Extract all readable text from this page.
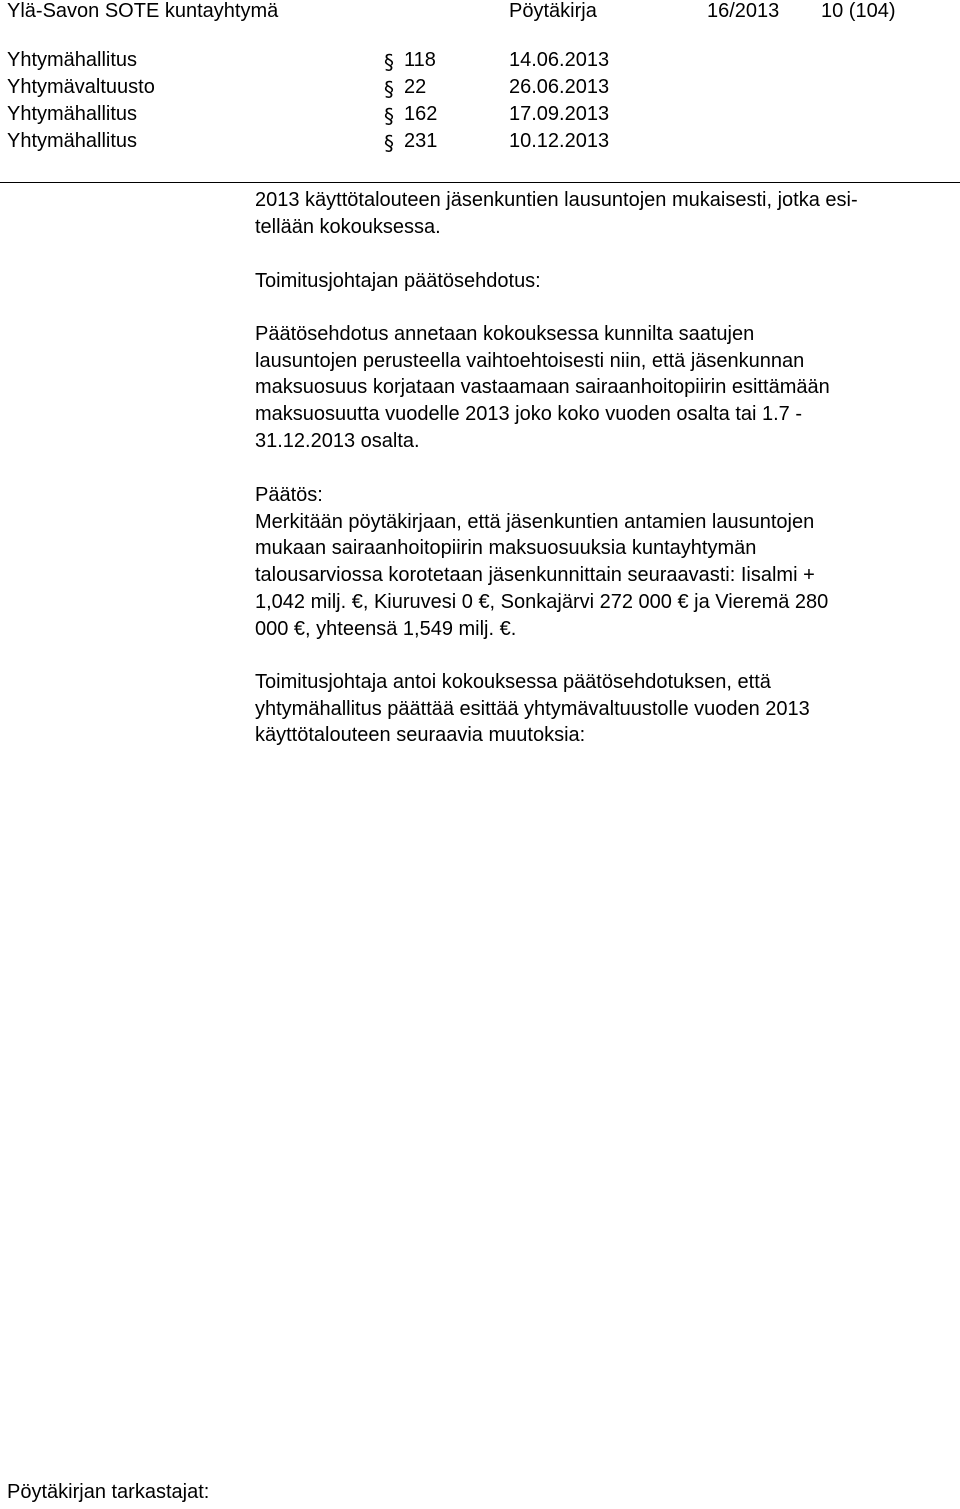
Ylä-Savon SOTE kuntayhtymä	Pöytäkirja	16/2013 10 (104)
Yhtymähallitus	§ 118	14.06.2013
Yhtymävaltuusto	§ 22	26.06.2013
Yhtymähallitus	§ 162	17.09.2013
Yhtymähallitus	§ 231	10.12.2013
2013 käyttötalouteen jäsenkuntien lausuntojen mukaisesti, jotka esi-
tellään kokouksessa.
Toimitusjohtajan päätösehdotus:
Päätösehdotus annetaan kokouksessa kunnilta saatujen
lausuntojen perusteella vaihtoehtoisesti niin, että jäsenkunnan
maksuosuus korjataan vastaamaan sairaanhoitopiirin esittämään
maksuosuutta vuodelle 2013 joko koko vuoden osalta tai 1.7 -
31.12.2013 osalta.
Päätös:
Merkitään pöytäkirjaan, että jäsenkuntien antamien lausuntojen
mukaan sairaanhoitopiirin maksuosuuksia kuntayhtymän
talousarviossa korotetaan jäsenkunnittain seuraavasti: Iisalmi +
1,042 milj. €, Kiuruvesi 0 €, Sonkajärvi 272 000 € ja Vieremä 280
000 €, yhteensä 1,549 milj. €.
Toimitusjohtaja antoi kokouksessa päätösehdotuksen, että
yhtymähallitus päättää esittää yhtymävaltuustolle vuoden 2013
käyttötalouteen seuraavia muutoksia:
Pöytäkirjan tarkastajat:
